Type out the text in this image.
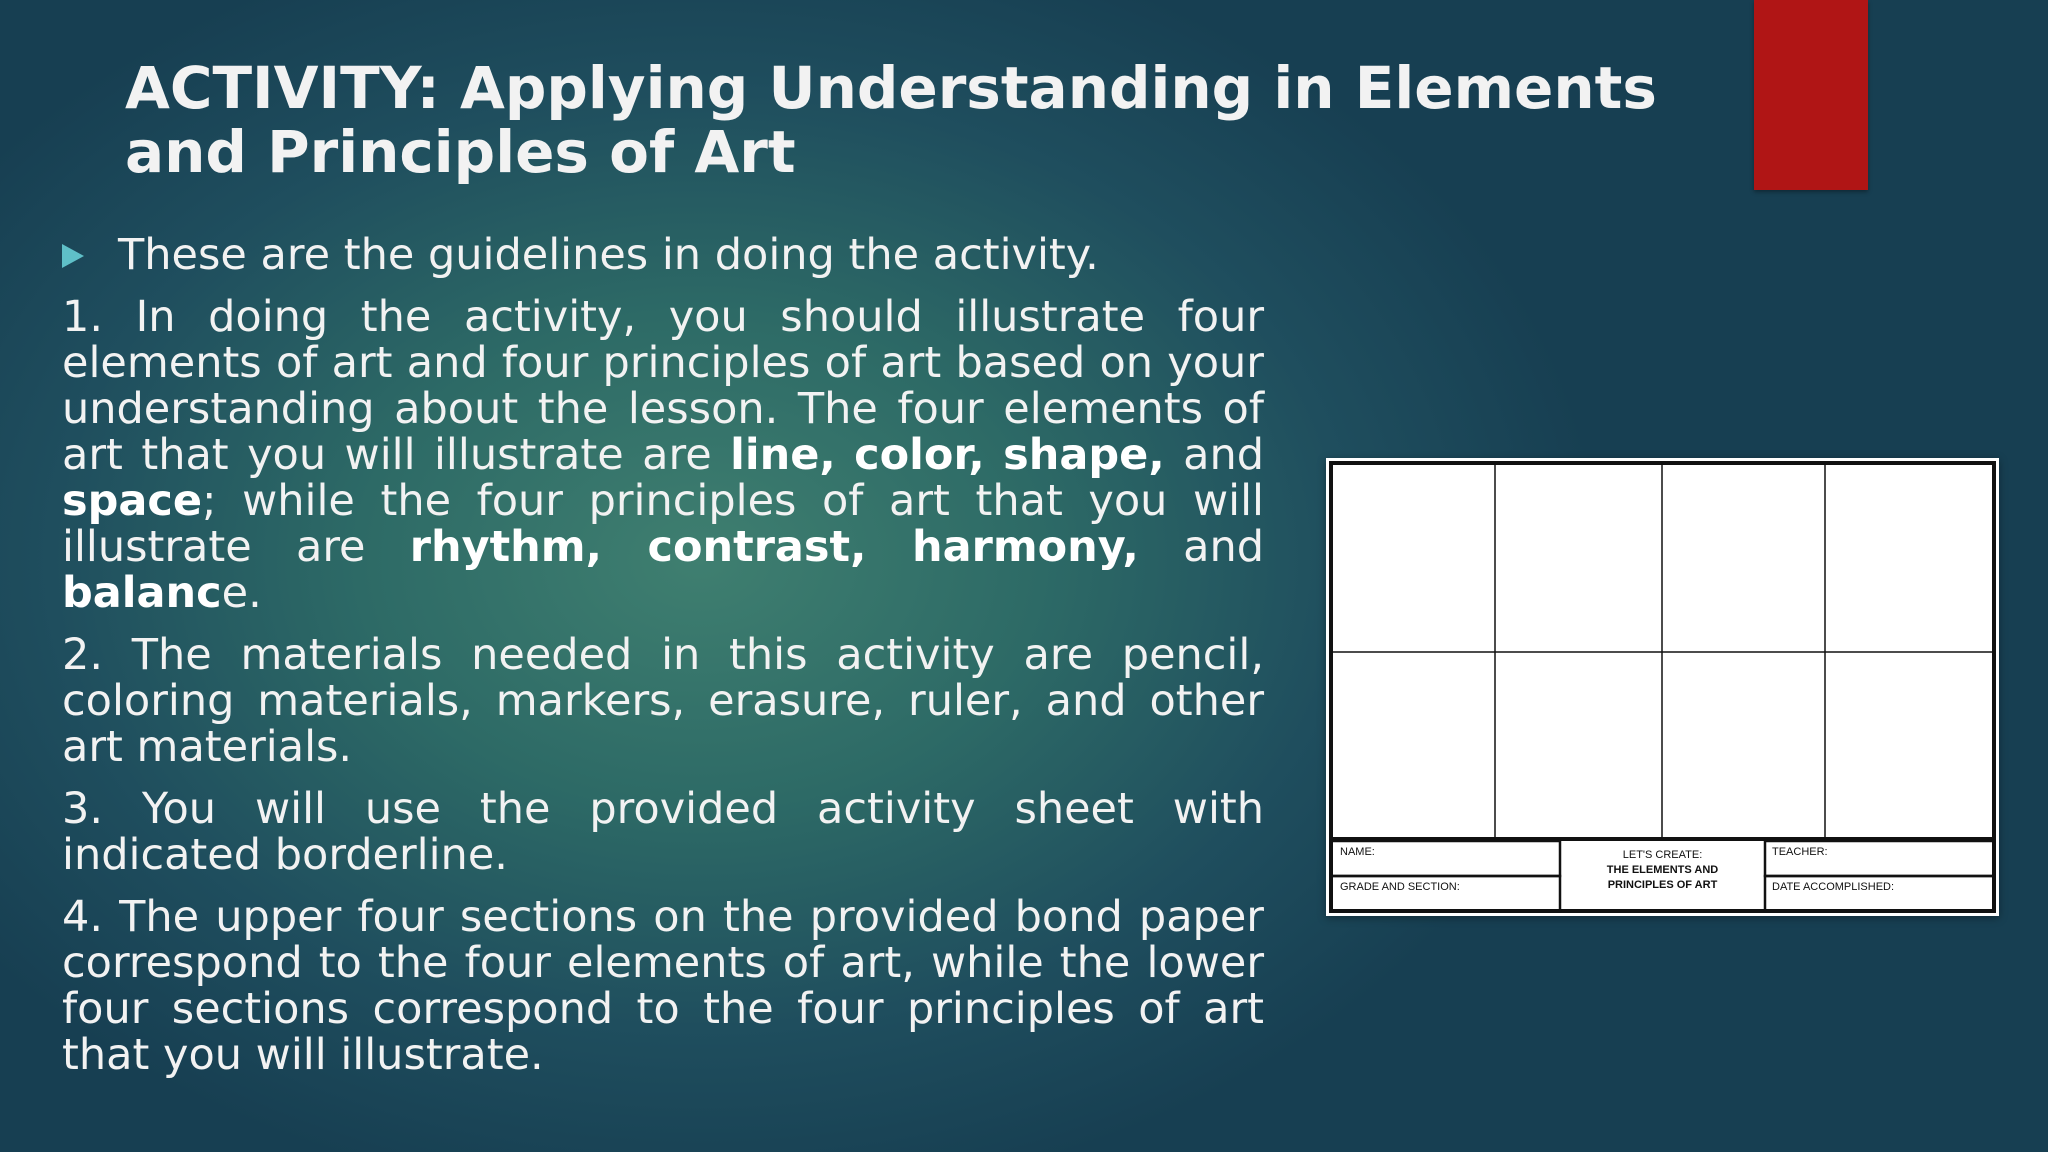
ACTIVITY: Applying Understanding in Elements and Principles of Art
These are the guidelines in doing the activity.

1. In doing the activity, you should illustrate four elements of art and four principles of art based on your understanding about the lesson. The four elements of art that you will illustrate are line, color, shape, and space; while the four principles of art that you will illustrate are rhythm, contrast, harmony, and balance.

2. The materials needed in this activity are pencil, coloring materials, markers, erasure, ruler, and other art materials.

3. You will use the provided activity sheet with indicated borderline.

4. The upper four sections on the provided bond paper correspond to the four elements of art, while the lower four sections correspond to the four principles of art that you will illustrate.

NAME:
GRADE AND SECTION:
TEACHER:
DATE ACCOMPLISHED:
LET'S CREATE:
THE ELEMENTS AND
PRINCIPLES OF ART
